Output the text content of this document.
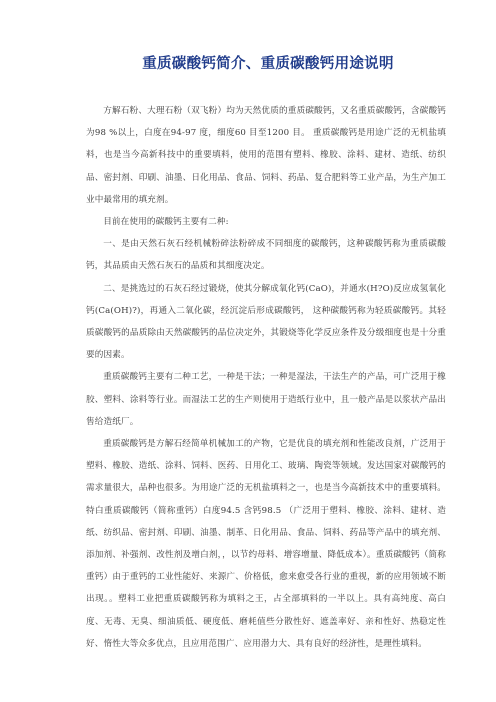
重质碳酸钙简介、重质碳酸钙用途说明

方解石粉、大理石粉（双飞粉）均为天然优质的重质碳酸钙，又名重质碳酸钙，含碳酸钙为98 %以上，白度在94-97 度，细度60 目至1200 目。 重质碳酸钙是用途广泛的无机盐填料，也是当今高新科技中的重要填料，使用的范围有塑料、橡胶、涂料、建材、造纸、纺织品、密封剂、印刷、油墨、日化用品、食品、饲料、药品、复合肥料等工业产品，为生产加工业中最常用的填充剂。

目前在使用的碳酸钙主要有二种:

一、是由天然石灰石经机械粉碎法粉碎成不同细度的碳酸钙，这种碳酸钙称为重质碳酸钙，其品质由天然石灰石的品质和其细度决定。

二、是挑选过的石灰石经过锻烧，使其分解成氧化钙(CaO)，并通水(H?O)反应成氢氧化钙(Ca(OH)?)，再通入二氧化碳，经沉淀后形成碳酸钙， 这种碳酸钙称为轻质碳酸钙。其轻质碳酸钙的品质除由天然碳酸钙的品位决定外，其锻烧等化学反应条件及分级细度也是十分重要的因素。

重质碳酸钙主要有二种工艺，一种是干法；一种是湿法，干法生产的产品，可广泛用于橡胶、塑料、涂料等行业。而湿法工艺的生产则使用于造纸行业中，且一般产品是以浆状产品出售给造纸厂。

重质碳酸钙是方解石经简单机械加工的产物，它是优良的填充剂和性能改良剂，广泛用于塑料、橡胶、造纸、涂料、饲料、医药、日用化工、玻璃、陶瓷等领域。发达国家对碳酸钙的需求量很大，品种也很多。为用途广泛的无机盐填料之一，也是当今高新技术中的重要填料。特白重质碳酸钙（简称重钙）白度94.5 含钙98.5 （广泛用于塑料、橡胶、涂料、建材、造纸、纺织品、密封剂、印刷、油墨、制革、日化用品、食品、饲料、药品等产品中的填充剂、添加剂、补强剂、改性剂及增白剂，，以节约母料、增容增量、降低成本）。重质碳酸钙（简称重钙）由于重钙的工业性能好、来源广、价格低，愈来愈受各行业的重视，新的应用领域不断出现。。塑料工业把重质碳酸钙称为填料之王，占全部填料的一半以上。具有高纯度、高白度、无毒、无臭、细油质低、硬度低、磨耗值些分散性好、遮盖率好、亲和性好、热稳定性好、惰性大等众多优点，且应用范围广、应用潜力大、具有良好的经济性，是理性填料。
